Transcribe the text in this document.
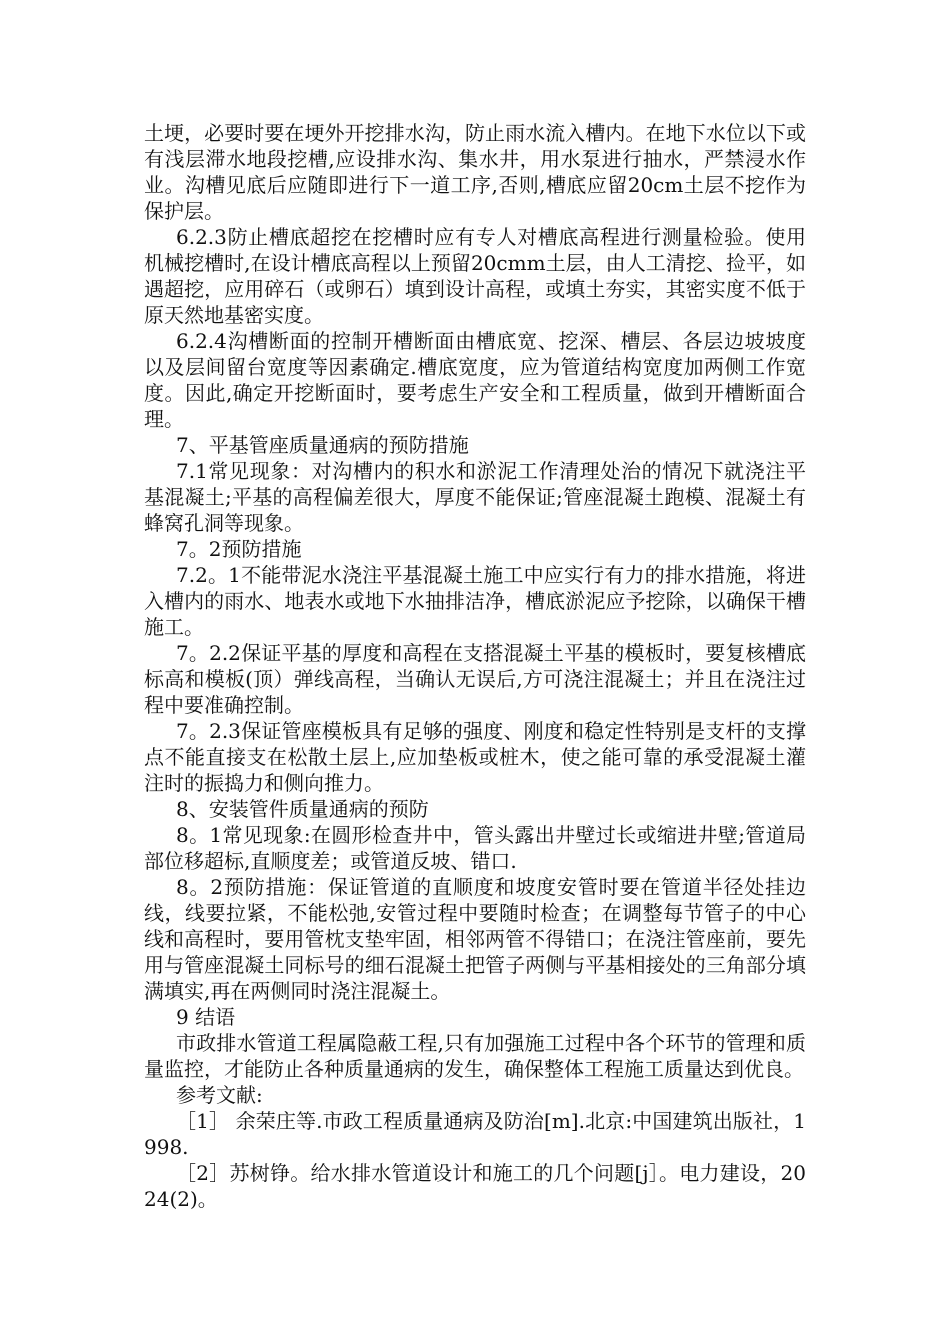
土埂，必要时要在埂外开挖排水沟，防止雨水流入槽内。在地下水位以下或有浅层滞水地段挖槽,应设排水沟、集水井，用水泵进行抽水，严禁浸水作业。沟槽见底后应随即进行下一道工序,否则,槽底应留20cm土层不挖作为保护层。

6.2.3防止槽底超挖在挖槽时应有专人对槽底高程进行测量检验。使用机械挖槽时,在设计槽底高程以上预留20cmm土层，由人工清挖、捡平，如遇超挖，应用碎石（或卵石）填到设计高程，或填土夯实，其密实度不低于原天然地基密实度。

6.2.4沟槽断面的控制开槽断面由槽底宽、挖深、槽层、各层边坡坡度以及层间留台宽度等因素确定.槽底宽度，应为管道结构宽度加两侧工作宽度。因此,确定开挖断面时，要考虑生产安全和工程质量，做到开槽断面合理。

7、平基管座质量通病的预防措施

7.1常见现象：对沟槽内的积水和淤泥工作清理处治的情况下就浇注平基混凝土;平基的高程偏差很大，厚度不能保证;管座混凝土跑模、混凝土有蜂窝孔洞等现象。

7。2预防措施

7.2。1不能带泥水浇注平基混凝土施工中应实行有力的排水措施，将进入槽内的雨水、地表水或地下水抽排洁净，槽底淤泥应予挖除，以确保干槽施工。

7。2.2保证平基的厚度和高程在支搭混凝土平基的模板时，要复核槽底标高和模板(顶）弹线高程，当确认无误后,方可浇注混凝土；并且在浇注过程中要准确控制。

7。2.3保证管座模板具有足够的强度、刚度和稳定性特别是支杆的支撑点不能直接支在松散土层上,应加垫板或桩木，使之能可靠的承受混凝土灌注时的振捣力和侧向推力。

8、安装管件质量通病的预防

8。1常见现象:在圆形检查井中，管头露出井壁过长或缩进井壁;管道局部位移超标,直顺度差；或管道反坡、错口.

8。2预防措施：保证管道的直顺度和坡度安管时要在管道半径处挂边线，线要拉紧，不能松弛,安管过程中要随时检查；在调整每节管子的中心线和高程时，要用管枕支垫牢固，相邻两管不得错口；在浇注管座前，要先用与管座混凝土同标号的细石混凝土把管子两侧与平基相接处的三角部分填满填实,再在两侧同时浇注混凝土。

9 结语

市政排水管道工程属隐蔽工程,只有加强施工过程中各个环节的管理和质量监控，才能防止各种质量通病的发生，确保整体工程施工质量达到优良。

参考文献:

［1］ 余荣庄等.市政工程质量通病及防治[m].北京:中国建筑出版社，1998.

［2］苏树铮。给水排水管道设计和施工的几个问题[j］。电力建设，2024(2)。
